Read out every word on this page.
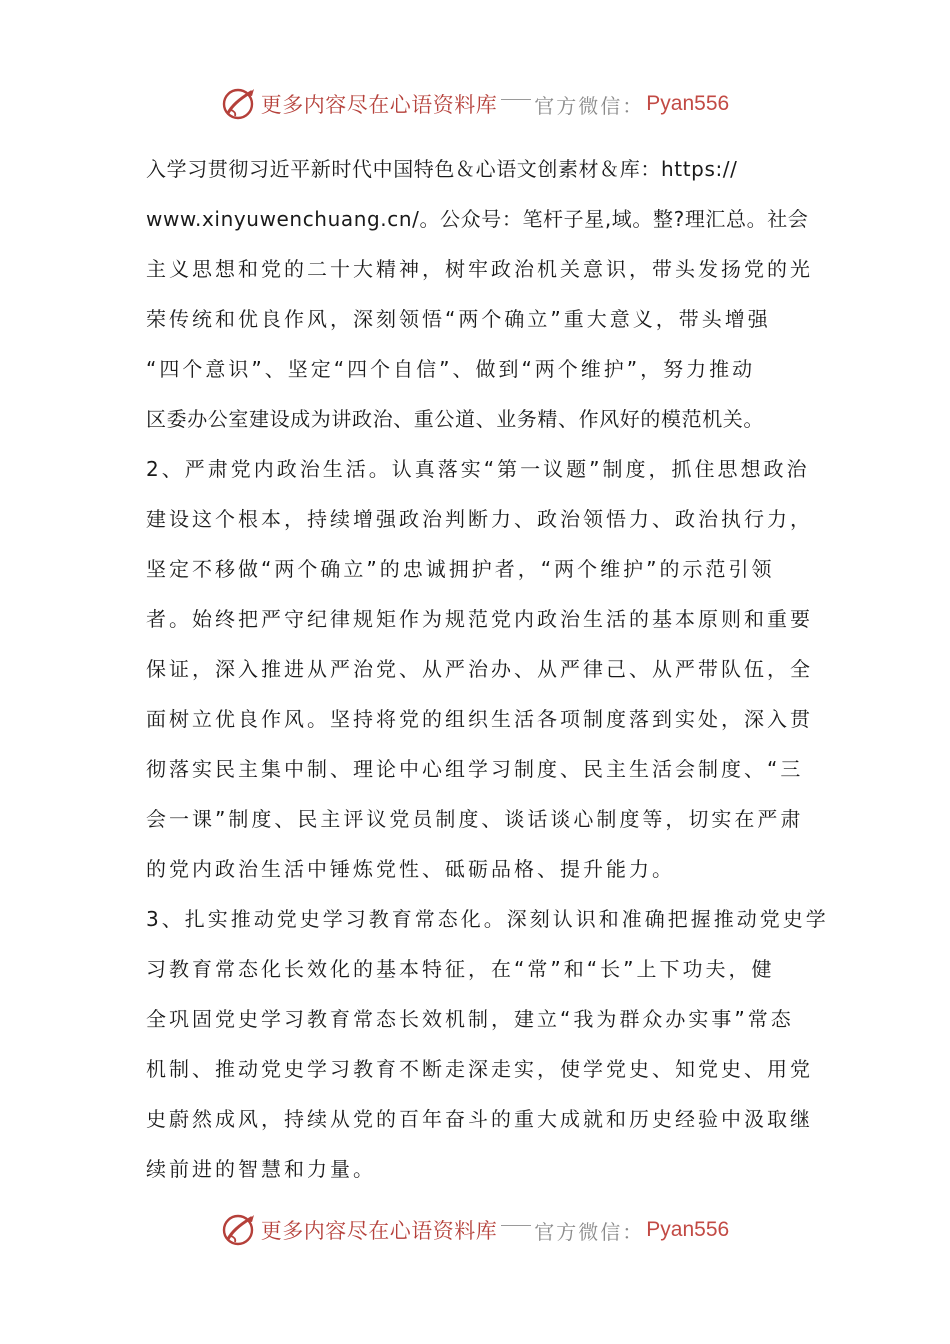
更多内容尽在心语资料库 官方微信： Pyan556
入学习贯彻习近平新时代中国特色＆心语文创素材＆库：https://
www.xinyuwenchuang.cn/。公众号：笔杆子星,域。整?理汇总。社会
主义思想和党的二十大精神，树牢政治机关意识，带头发扬党的光
荣传统和优良作风，深刻领悟“两个确立”重大意义，带头增强
“四个意识”、坚定“四个自信”、做到“两个维护”，努力推动
区委办公室建设成为讲政治、重公道、业务精、作风好的模范机关。
2、严肃党内政治生活。认真落实“第一议题”制度，抓住思想政治
建设这个根本，持续增强政治判断力、政治领悟力、政治执行力，
坚定不移做“两个确立”的忠诚拥护者，“两个维护”的示范引领
者。始终把严守纪律规矩作为规范党内政治生活的基本原则和重要
保证，深入推进从严治党、从严治办、从严律己、从严带队伍，全
面树立优良作风。坚持将党的组织生活各项制度落到实处，深入贯
彻落实民主集中制、理论中心组学习制度、民主生活会制度、“三
会一课”制度、民主评议党员制度、谈话谈心制度等，切实在严肃
的党内政治生活中锤炼党性、砥砺品格、提升能力。
3、扎实推动党史学习教育常态化。深刻认识和准确把握推动党史学
习教育常态化长效化的基本特征，在“常”和“长”上下功夫，健
全巩固党史学习教育常态长效机制，建立“我为群众办实事”常态
机制、推动党史学习教育不断走深走实，使学党史、知党史、用党
史蔚然成风，持续从党的百年奋斗的重大成就和历史经验中汲取继
续前进的智慧和力量。
更多内容尽在心语资料库 官方微信： Pyan556
